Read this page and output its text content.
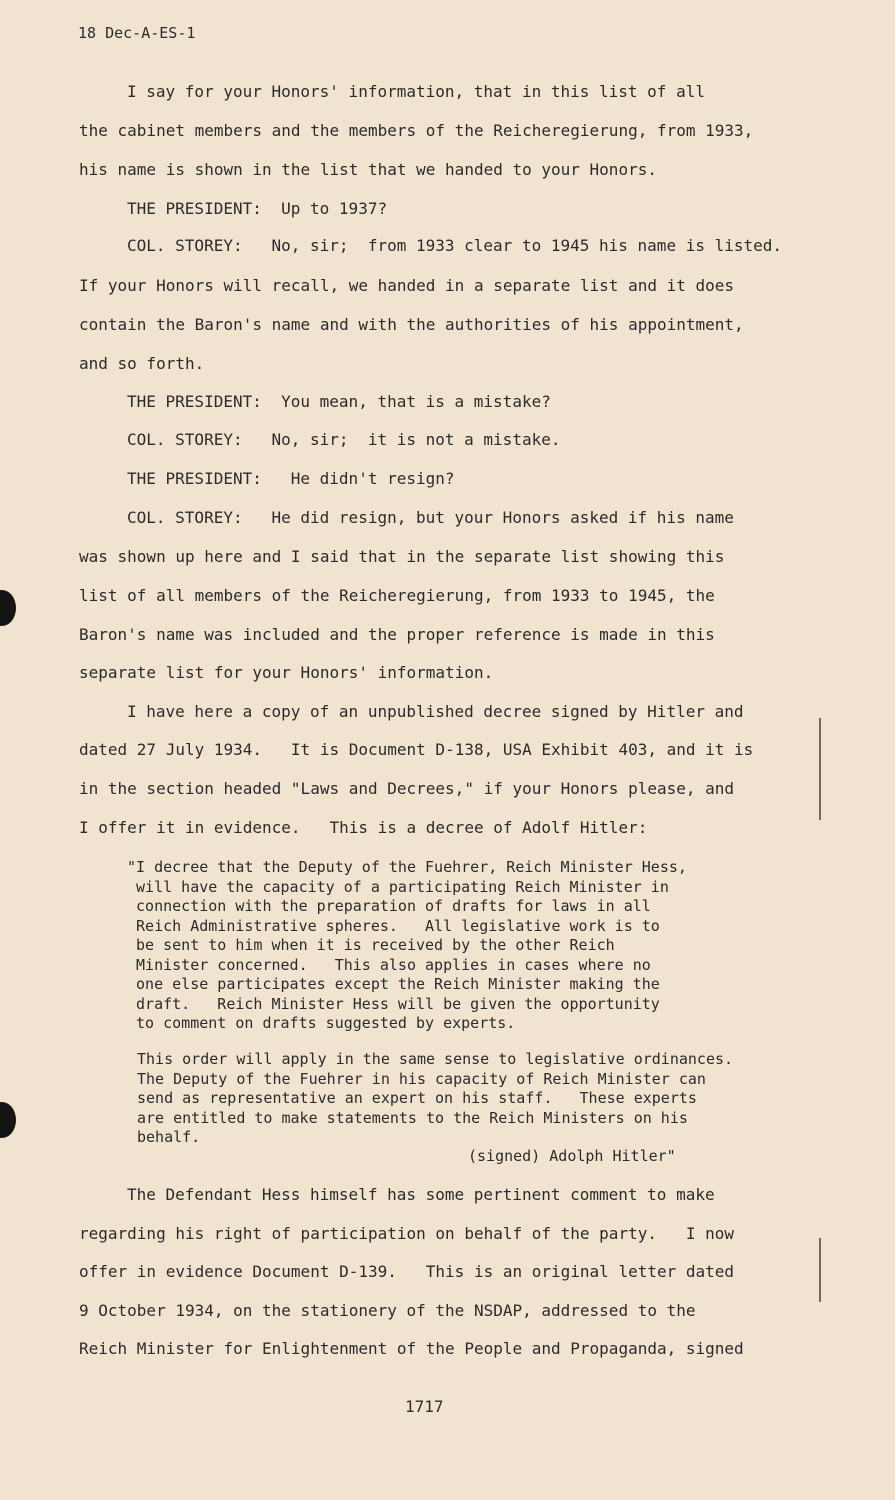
18 Dec-A-ES-1
I say for your Honors' information, that in this list of all
the cabinet members and the members of the Reicheregierung, from 1933,
his name is shown in the list that we handed to your Honors.
THE PRESIDENT:  Up to 1937?
COL. STOREY:   No, sir;  from 1933 clear to 1945 his name is listed.
If your Honors will recall, we handed in a separate list and it does
contain the Baron's name and with the authorities of his appointment,
and so forth.
THE PRESIDENT:  You mean, that is a mistake?
COL. STOREY:   No, sir;  it is not a mistake.
THE PRESIDENT:   He didn't resign?
COL. STOREY:   He did resign, but your Honors asked if his name
was shown up here and I said that in the separate list showing this
list of all members of the Reicheregierung, from 1933 to 1945, the
Baron's name was included and the proper reference is made in this
separate list for your Honors' information.
I have here a copy of an unpublished decree signed by Hitler and
dated 27 July 1934.   It is Document D-138, USA Exhibit 403, and it is
in the section headed "Laws and Decrees," if your Honors please, and
I offer it in evidence.   This is a decree of Adolf Hitler:
"I decree that the Deputy of the Fuehrer, Reich Minister Hess,
will have the capacity of a participating Reich Minister in
connection with the preparation of drafts for laws in all
Reich Administrative spheres.   All legislative work is to
be sent to him when it is received by the other Reich
Minister concerned.   This also applies in cases where no
one else participates except the Reich Minister making the
draft.   Reich Minister Hess will be given the opportunity
to comment on drafts suggested by experts.
This order will apply in the same sense to legislative ordinances.
The Deputy of the Fuehrer in his capacity of Reich Minister can
send as representative an expert on his staff.   These experts
are entitled to make statements to the Reich Ministers on his
behalf.
(signed) Adolph Hitler"
The Defendant Hess himself has some pertinent comment to make
regarding his right of participation on behalf of the party.   I now
offer in evidence Document D-139.   This is an original letter dated
9 October 1934, on the stationery of the NSDAP, addressed to the
Reich Minister for Enlightenment of the People and Propaganda, signed
1717
